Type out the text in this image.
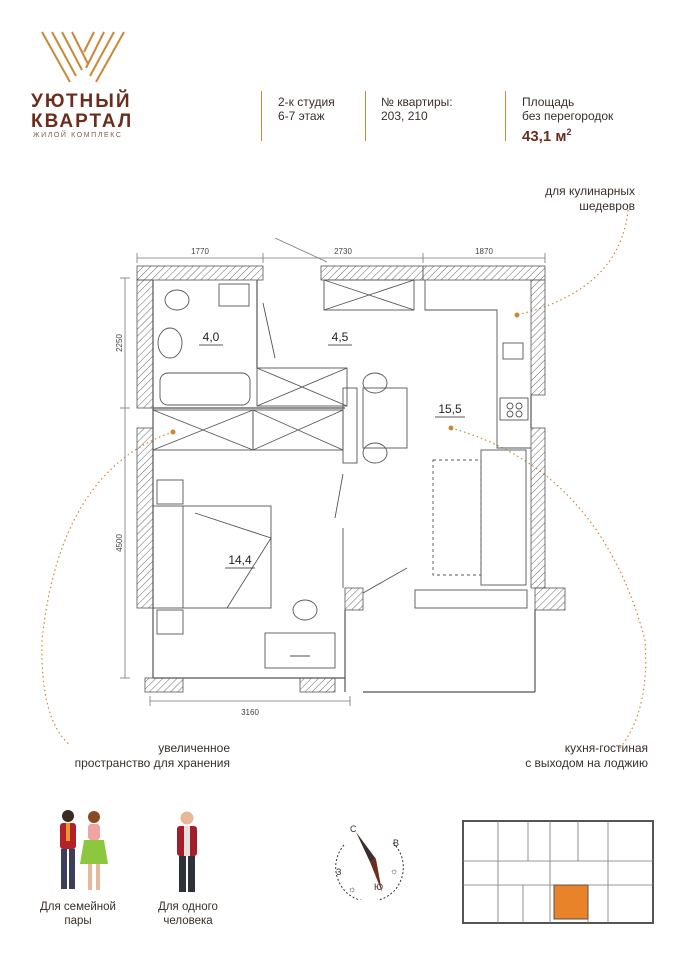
УЮТНЫЙ
КВАРТАЛ
ЖИЛОЙ КОМПЛЕКС
2-к студия
6-7 этаж
№ квартиры:
203, 210
Площадь
без перегородок
43,1 $м^2$
для кулинарных
шедевров
увеличенное
пространство для хранения
кухня-гостиная
с выходом на лоджию
1770	2730	1870
2250
4500
3160
4,0	4,5
15,5
14,4
Для семейной
пары
Для одного
человека
С
В
З
Ю
☼
☼
